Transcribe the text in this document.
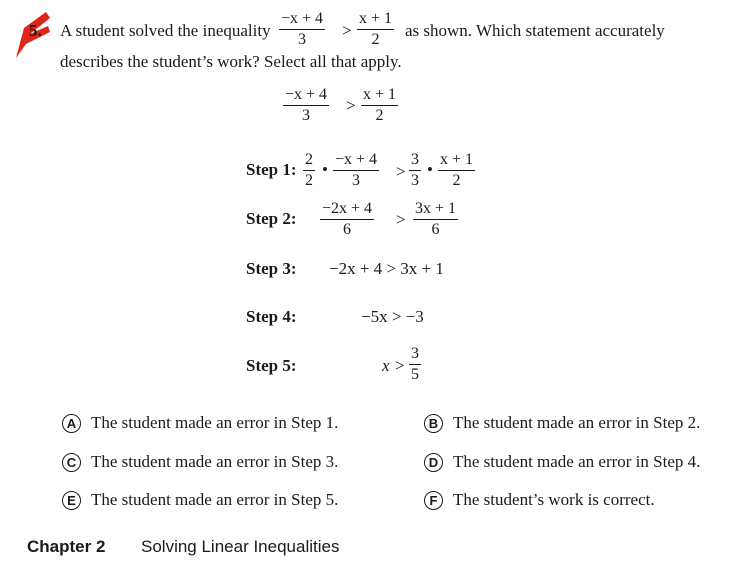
5. A student solved the inequality
−x + 4
3 >
x + 1
2 as shown. Which statement accurately
describes the student’s work? Select all that apply.
−x + 4
3
>
x + 1
2
Step 1:
2
2
•
−x + 4
3 >
3
3
•
x + 1
2
Step 2:
−2x + 4
6
>
3x + 1
6
Step 3: −2x + 4 > 3x + 1
Step 4:	−5x > −3
Step 5:	x >
3
5
A The student made an error in Step 1.	B The student made an error in Step 2.
C The student made an error in Step 3.	D The student made an error in Step 4.
E The student made an error in Step 5.	F The student’s work is correct.
Chapter 2 Solving Linear Inequalities
